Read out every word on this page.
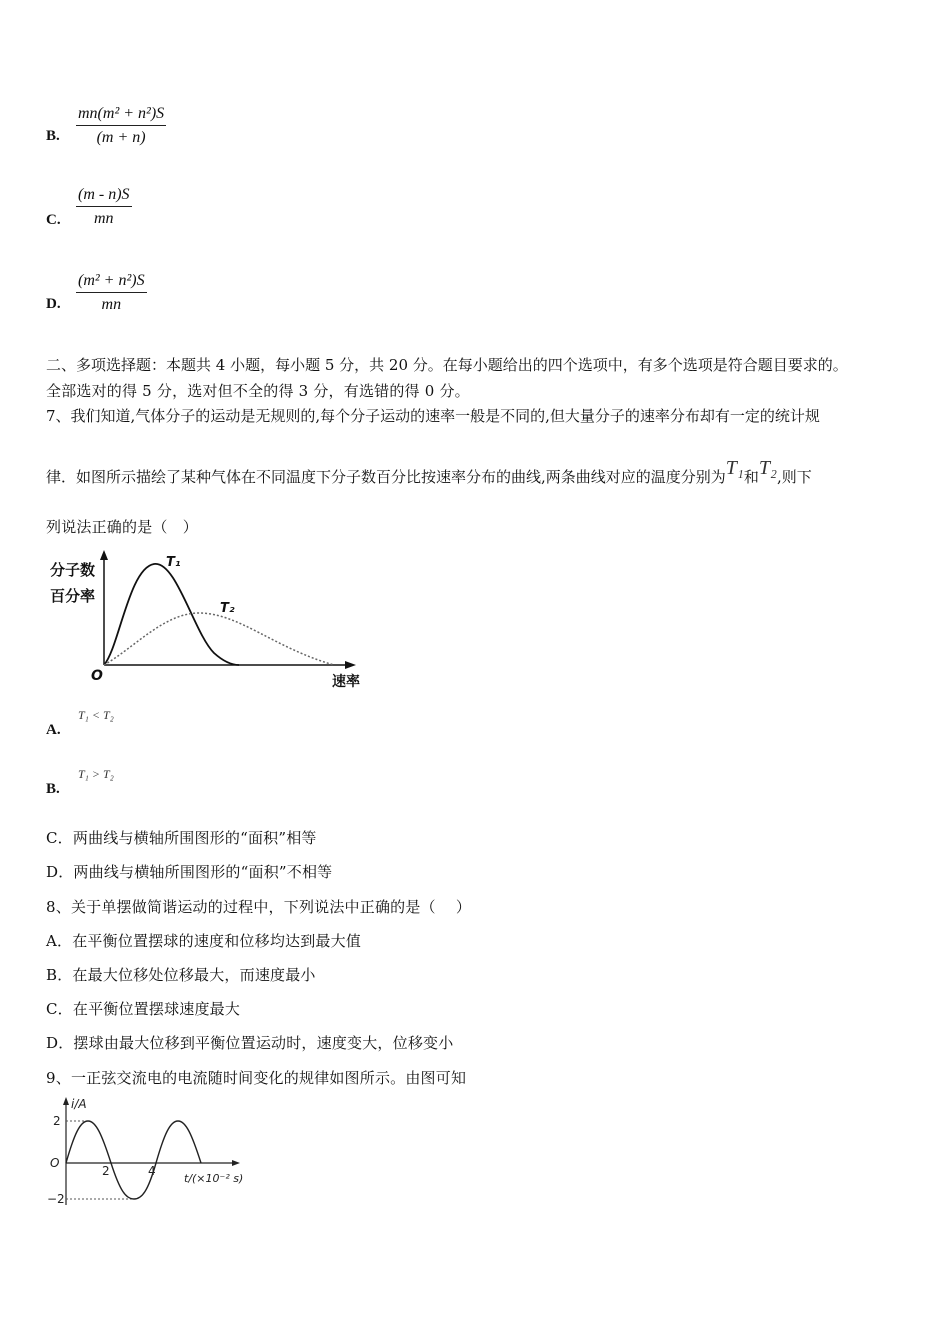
B. $\frac{\text{mn(m² + n²)S}}{(m + n)}$
C. $\frac{(m - n)S}{mn}$
D. $\frac{\text{(m² + n²)S}}{mn}$
二、多项选择题：本题共 4 小题，每小题 5 分，共 20 分。在每小题给出的四个选项中，有多个选项是符合题目要求的。
全部选对的得 5 分，选对但不全的得 3 分，有选错的得 0 分。
7、我们知道,气体分子的运动是无规则的,每个分子运动的速率一般是不同的,但大量分子的速率分布却有一定的统计规
律．如图所示描绘了某种气体在不同温度下分子数百分比按速率分布的曲线,两条曲线对应的温度分别为T₁和T₂,则下
列说法正确的是（　）
分子数
百分率
O	速率
T₁
T₂
A.
T₁ < T₂
B.
T₁ > T₂
C．两曲线与横轴所围图形的“面积”相等
D．两曲线与横轴所围图形的“面积”不相等
8、关于单摆做简谐运动的过程中，下列说法中正确的是（　 ）
A．在平衡位置摆球的速度和位移均达到最大值
B．在最大位移处位移最大，而速度最小
C．在平衡位置摆球速度最大
D．摆球由最大位移到平衡位置运动时，速度变大，位移变小
9、一正弦交流电的电流随时间变化的规律如图所示。由图可知
i/A
2
O
−2
2	4
t/(×10⁻² s)
